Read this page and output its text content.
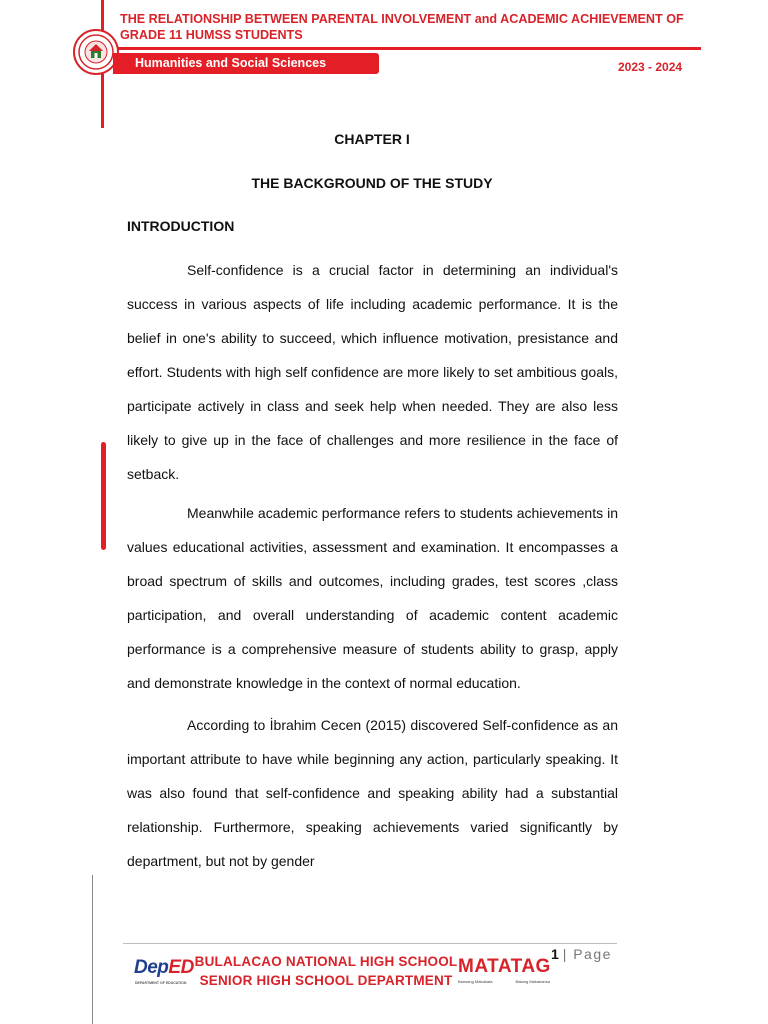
THE RELATIONSHIP BETWEEN PARENTAL INVOLVEMENT and ACADEMIC ACHIEVEMENT OF GRADE 11 HUMSS STUDENTS
Humanities and Social Sciences	2023 - 2024
CHAPTER I
THE BACKGROUND OF THE STUDY
INTRODUCTION

Self-confidence is a crucial factor in determining an individual's success in various aspects of life including academic performance. It is the belief in one's ability to succeed, which influence motivation, presistance and effort. Students with high self confidence are more likely to set ambitious goals, participate actively in class and seek help when needed. They are also less likely to give up in the face of challenges and more resilience in the face of setback.

Meanwhile academic performance refers to students achievements in values educational activities, assessment and examination. It encompasses a broad spectrum of skills and outcomes, including grades, test scores ,class participation, and overall understanding of academic content academic performance is a comprehensive measure of students ability to grasp, apply and demonstrate knowledge in the context of normal education.

According to İbrahim Cecen (2015) discovered Self-confidence as an important attribute to have while beginning any action, particularly speaking. It was also found that self-confidence and speaking ability had a substantial relationship. Furthermore, speaking achievements varied significantly by department, but not by gender

1 | Page
DepED
DEPARTMENT OF EDUCATION
BULALACAO NATIONAL HIGH SCHOOL
SENIOR HIGH SCHOOL DEPARTMENT
MATATAG
Bansang Makabata	Batang Makabansa
